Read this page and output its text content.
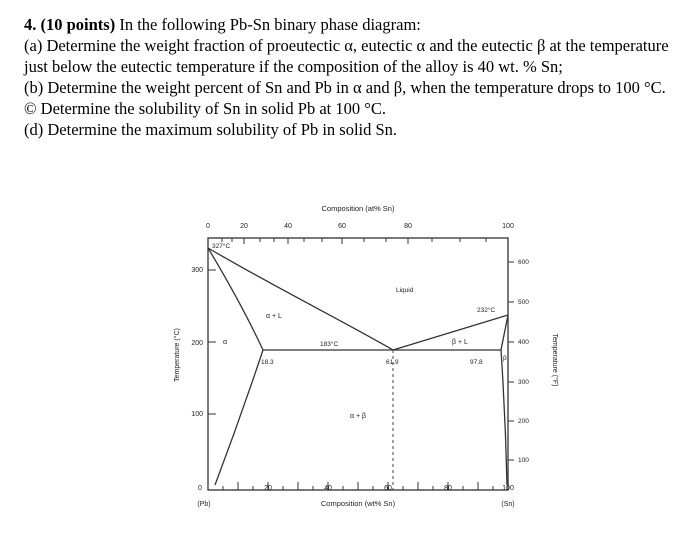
4. (10 points) In the following Pb-Sn binary phase diagram:

(a) Determine the weight fraction of proeutectic α, eutectic α and the eutectic β at the temperature just below the eutectic temperature if the composition of the alloy is 40 wt. % Sn;

(b) Determine the weight percent of Sn and Pb in α and β, when the temperature drops to 100 °C.

© Determine the solubility of Sn in solid Pb at 100 °C.

(d) Determine the maximum solubility of Pb in solid Sn.

Composition (at% Sn)
0	20	40	60	80	100
0	20	40	60	80	100
(Pb)	Composition (wt% Sn)	(Sn)
Temperature (°C)
300
200
100
Temperature (°F)
600
500
400
300
200
100
327°C
232°C
183°C
18.3	61.9	97.8
Liquid
α + L
β + L
α + β
α
β
